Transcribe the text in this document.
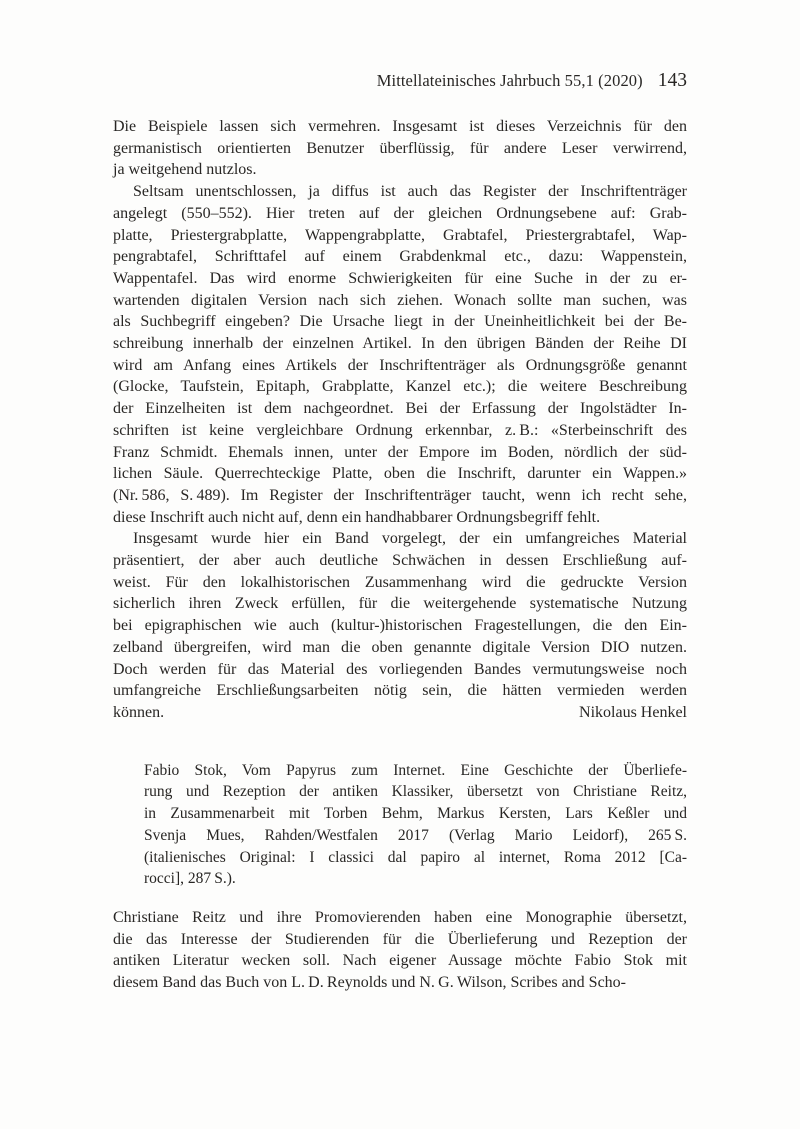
Mittellateinisches Jahrbuch 55,1 (2020) 143
Die Beispiele lassen sich vermehren. Insgesamt ist dieses Verzeichnis für den
germanistisch orientierten Benutzer überflüssig, für andere Leser verwirrend,
ja weitgehend nutzlos.
Seltsam unentschlossen, ja diffus ist auch das Register der Inschriftenträger
angelegt (550–552). Hier treten auf der gleichen Ordnungsebene auf: Grab-
platte, Priestergrabplatte, Wappengrabplatte, Grabtafel, Priestergrabtafel, Wap-
pengrabtafel, Schrifttafel auf einem Grabdenkmal etc., dazu: Wappenstein,
Wappentafel. Das wird enorme Schwierigkeiten für eine Suche in der zu er-
wartenden digitalen Version nach sich ziehen. Wonach sollte man suchen, was
als Suchbegriff eingeben? Die Ursache liegt in der Uneinheitlichkeit bei der Be-
schreibung innerhalb der einzelnen Artikel. In den übrigen Bänden der Reihe DI
wird am Anfang eines Artikels der Inschriftenträger als Ordnungsgröße genannt
(Glocke, Taufstein, Epitaph, Grabplatte, Kanzel etc.); die weitere Beschreibung
der Einzelheiten ist dem nachgeordnet. Bei der Erfassung der Ingolstädter In-
schriften ist keine vergleichbare Ordnung erkennbar, z. B.: «Sterbeinschrift des
Franz Schmidt. Ehemals innen, unter der Empore im Boden, nördlich der süd-
lichen Säule. Querrechteckige Platte, oben die Inschrift, darunter ein Wappen.»
(Nr. 586, S. 489). Im Register der Inschriftenträger taucht, wenn ich recht sehe,
diese Inschrift auch nicht auf, denn ein handhabbarer Ordnungsbegriff fehlt.
Insgesamt wurde hier ein Band vorgelegt, der ein umfangreiches Material
präsentiert, der aber auch deutliche Schwächen in dessen Erschließung auf-
weist. Für den lokalhistorischen Zusammenhang wird die gedruckte Version
sicherlich ihren Zweck erfüllen, für die weitergehende systematische Nutzung
bei epigraphischen wie auch (kultur-)historischen Fragestellungen, die den Ein-
zelband übergreifen, wird man die oben genannte digitale Version DIO nutzen.
Doch werden für das Material des vorliegenden Bandes vermutungsweise noch
umfangreiche Erschließungsarbeiten nötig sein, die hätten vermieden werden
können.	Nikolaus Henkel
Fabio Stok, Vom Papyrus zum Internet. Eine Geschichte der Überliefe-
rung und Rezeption der antiken Klassiker, übersetzt von Christiane Reitz,
in Zusammenarbeit mit Torben Behm, Markus Kersten, Lars Keßler und
Svenja Mues, Rahden/Westfalen 2017 (Verlag Mario Leidorf), 265 S.
(italienisches Original: I classici dal papiro al internet, Roma 2012 [Ca-
rocci], 287 S.).
Christiane Reitz und ihre Promovierenden haben eine Monographie übersetzt,
die das Interesse der Studierenden für die Überlieferung und Rezeption der
antiken Literatur wecken soll. Nach eigener Aussage möchte Fabio Stok mit
diesem Band das Buch von L. D. Reynolds und N. G. Wilson, Scribes and Scho-
